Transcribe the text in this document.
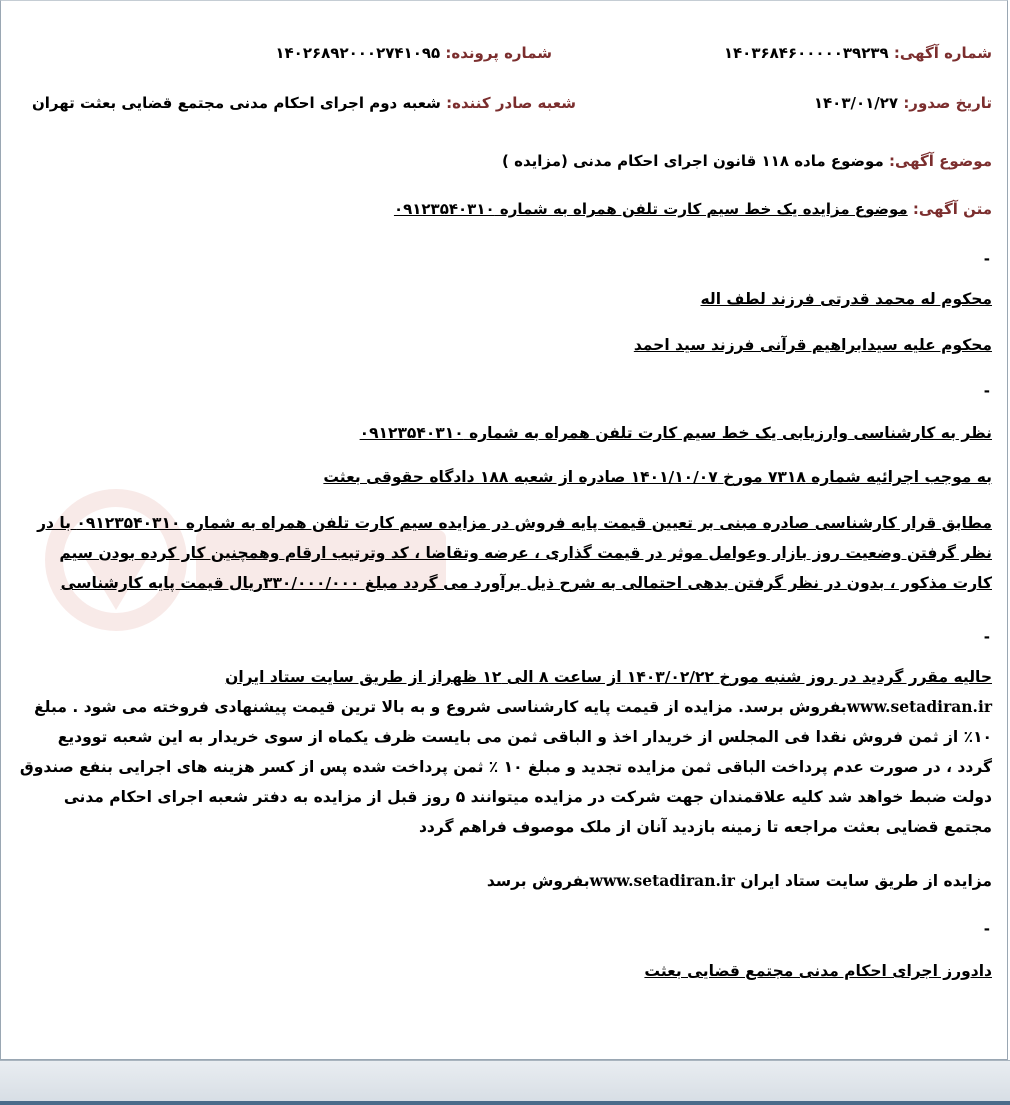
شماره آگهی: ۱۴۰۳۶۸۴۶۰۰۰۰۰۳۹۲۳۹
شماره پرونده: ۱۴۰۲۶۸۹۲۰۰۰۲۷۴۱۰۹۵
تاریخ صدور: ۱۴۰۳/۰۱/۲۷
شعبه صادر کننده: شعبه دوم اجرای احکام مدنی مجتمع قضایی بعثت تهران
موضوع آگهی: موضوع ماده ۱۱۸ قانون اجرای احکام مدنی (مزایده )
متن آگهی: موضوع مزایده یک خط سیم کارت تلفن همراه به شماره ۰۹۱۲۳۵۴۰۳۱۰
-
محکوم له محمد قدرتی فرزند لطف اله
محکوم علیه سیدابراهیم قرآنی فرزند سید احمد
-
نظر به کارشناسی وارزیابی یک خط سیم کارت تلفن همراه به شماره ۰۹۱۲۳۵۴۰۳۱۰
به موجب اجرائیه شماره ۷۳۱۸ مورخ ۱۴۰۱/۱۰/۰۷ صادره از شعبه ۱۸۸ دادگاه حقوقی بعثت
مطابق قرار کارشناسی صادره مبنی بر تعیین قیمت پایه فروش در مزایده سیم کارت تلفن همراه به شماره ۰۹۱۲۳۵۴۰۳۱۰ با در نظر گرفتن وضعیت روز بازار وعوامل موثر در قیمت گذاری ، عرضه وتقاضا ، کد وترتیب ارقام وهمچنین کار کرده بودن سیم کارت مذکور ، بدون در نظر گرفتن بدهی احتمالی به شرح ذیل برآورد می گردد مبلغ ۳۳۰/۰۰۰/۰۰۰ریال قیمت پایه کارشناسی
-
حالیه مقرر گردید در روز شنبه مورخ ۱۴۰۳/۰۲/۲۲ از ساعت ۸ الی ۱۲ ظهراز از طریق سایت ستاد ایران
www.setadiran.irبفروش برسد. مزایده از قیمت پایه کارشناسی شروع و به بالا ترین قیمت پیشنهادی فروخته می شود . مبلغ ۱۰٪ از ثمن فروش نقدا فی المجلس از خریدار اخذ و الباقی ثمن می بایست ظرف یکماه از سوی خریدار به این شعبه توودیع گردد ، در صورت عدم پرداخت الباقی ثمن مزایده تجدید و مبلغ ۱۰ ٪ ثمن پرداخت شده پس از کسر هزینه های اجرایی بنفع صندوق دولت ضبط خواهد شد کلیه علاقمندان جهت شرکت در مزایده میتوانند ۵ روز قبل از مزایده به دفتر شعبه اجرای احکام مدنی مجتمع قضایی بعثت مراجعه تا زمینه بازدید آنان از ملک موصوف فراهم گردد
مزایده از طریق سایت ستاد ایران www.setadiran.irبفروش برسد
-
دادورز اجرای احکام مدنی مجتمع قضایی بعثت
